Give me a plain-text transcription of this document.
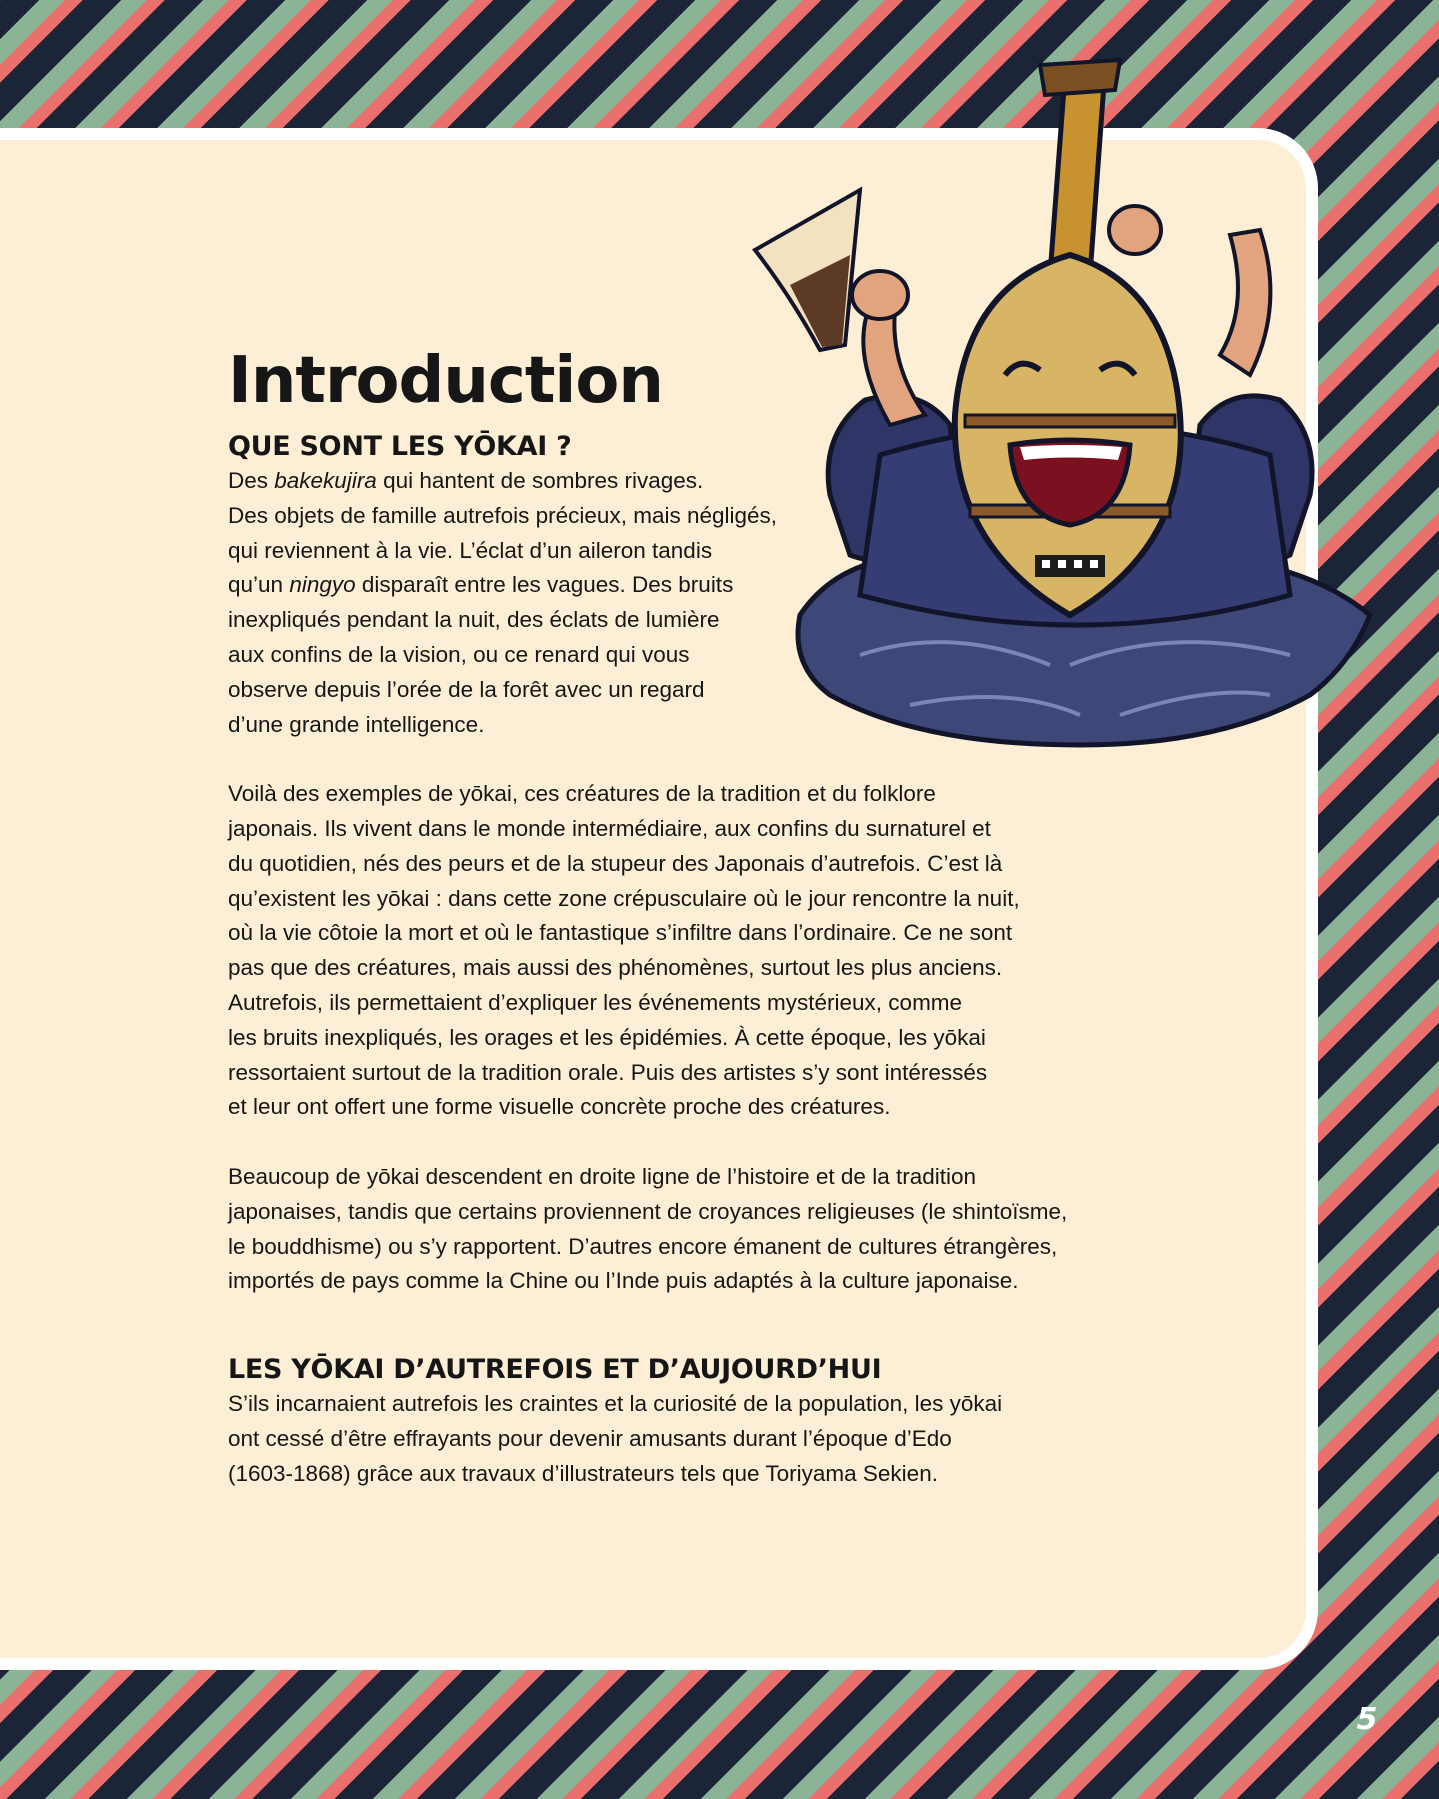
Introduction
QUE SONT LES YŌKAI ?

Des bakekujira qui hantent de sombres rivages.
Des objets de famille autrefois précieux, mais négligés,
qui reviennent à la vie. L’éclat d’un aileron tandis
qu’un ningyo disparaît entre les vagues. Des bruits
inexpliqués pendant la nuit, des éclats de lumière
aux confins de la vision, ou ce renard qui vous
observe depuis l’orée de la forêt avec un regard
d’une grande intelligence.

Voilà des exemples de yōkai, ces créatures de la tradition et du folklore
japonais. Ils vivent dans le monde intermédiaire, aux confins du surnaturel et
du quotidien, nés des peurs et de la stupeur des Japonais d’autrefois. C’est là
qu’existent les yōkai : dans cette zone crépusculaire où le jour rencontre la nuit,
où la vie côtoie la mort et où le fantastique s’infiltre dans l’ordinaire. Ce ne sont
pas que des créatures, mais aussi des phénomènes, surtout les plus anciens.
Autrefois, ils permettaient d’expliquer les événements mystérieux, comme
les bruits inexpliqués, les orages et les épidémies. À cette époque, les yōkai
ressortaient surtout de la tradition orale. Puis des artistes s’y sont intéressés
et leur ont offert une forme visuelle concrète proche des créatures.

Beaucoup de yōkai descendent en droite ligne de l’histoire et de la tradition
japonaises, tandis que certains proviennent de croyances religieuses (le shintoïsme,
le bouddhisme) ou s’y rapportent. D’autres encore émanent de cultures étrangères,
importés de pays comme la Chine ou l’Inde puis adaptés à la culture japonaise.

LES YŌKAI D’AUTREFOIS ET D’AUJOURD’HUI

S’ils incarnaient autrefois les craintes et la curiosité de la population, les yōkai
ont cessé d’être effrayants pour devenir amusants durant l’époque d’Edo
(1603-1868) grâce aux travaux d’illustrateurs tels que Toriyama Sekien.

5
